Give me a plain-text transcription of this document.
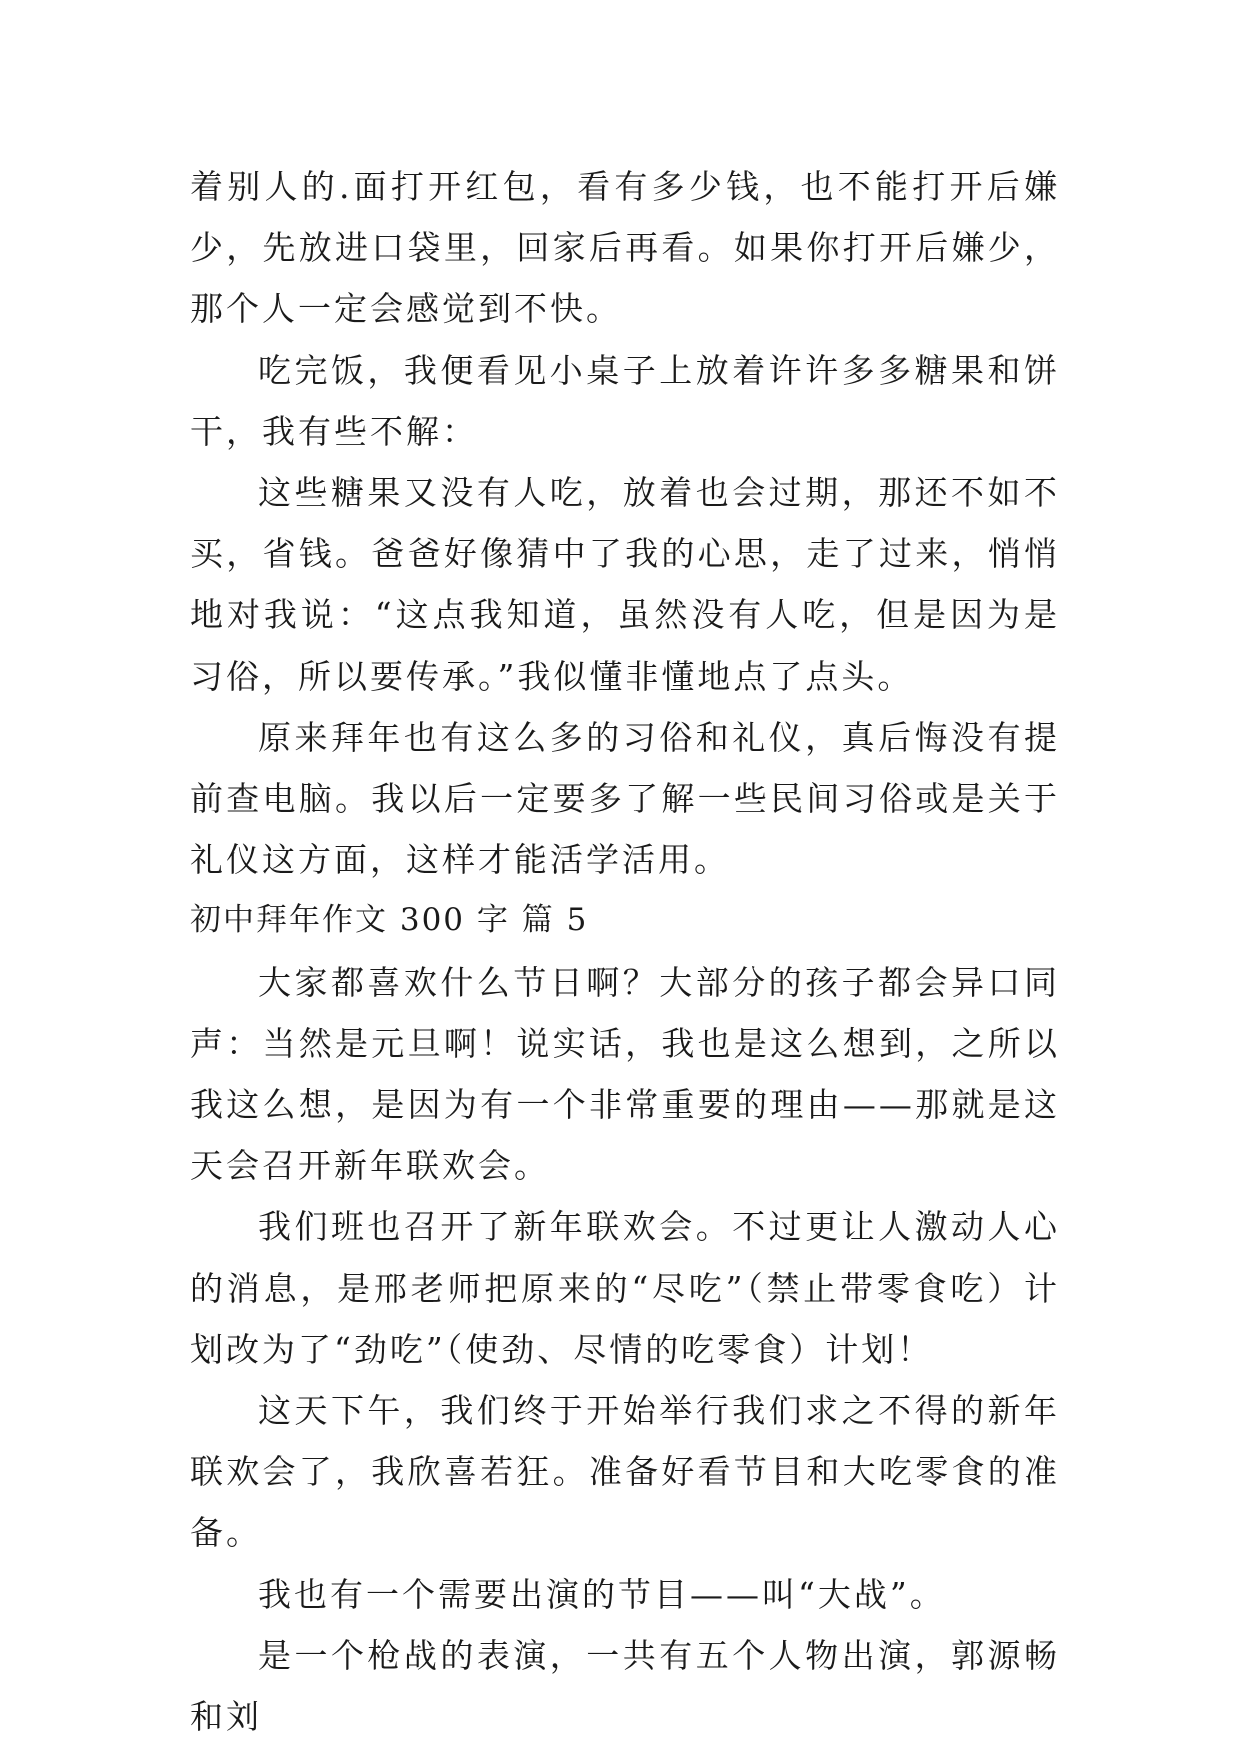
着别人的.面打开红包，看有多少钱，也不能打开后嫌少，先放进口袋里，回家后再看。如果你打开后嫌少，那个人一定会感觉到不快。

吃完饭，我便看见小桌子上放着许许多多糖果和饼干，我有些不解：

这些糖果又没有人吃，放着也会过期，那还不如不买，省钱。爸爸好像猜中了我的心思，走了过来，悄悄地对我说：“这点我知道，虽然没有人吃，但是因为是习俗，所以要传承。”我似懂非懂地点了点头。

原来拜年也有这么多的习俗和礼仪，真后悔没有提前查电脑。我以后一定要多了解一些民间习俗或是关于礼仪这方面，这样才能活学活用。

初中拜年作文 300 字 篇 5

大家都喜欢什么节日啊？大部分的孩子都会异口同声：当然是元旦啊！说实话，我也是这么想到，之所以我这么想，是因为有一个非常重要的理由——那就是这天会召开新年联欢会。

我们班也召开了新年联欢会。不过更让人激动人心的消息，是邢老师把原来的“尽吃”（禁止带零食吃）计划改为了“劲吃”（使劲、尽情的吃零食）计划！

这天下午，我们终于开始举行我们求之不得的新年联欢会了，我欣喜若狂。准备好看节目和大吃零食的准备。

我也有一个需要出演的节目——叫“大战”。

是一个枪战的表演，一共有五个人物出演，郭源畅和刘
